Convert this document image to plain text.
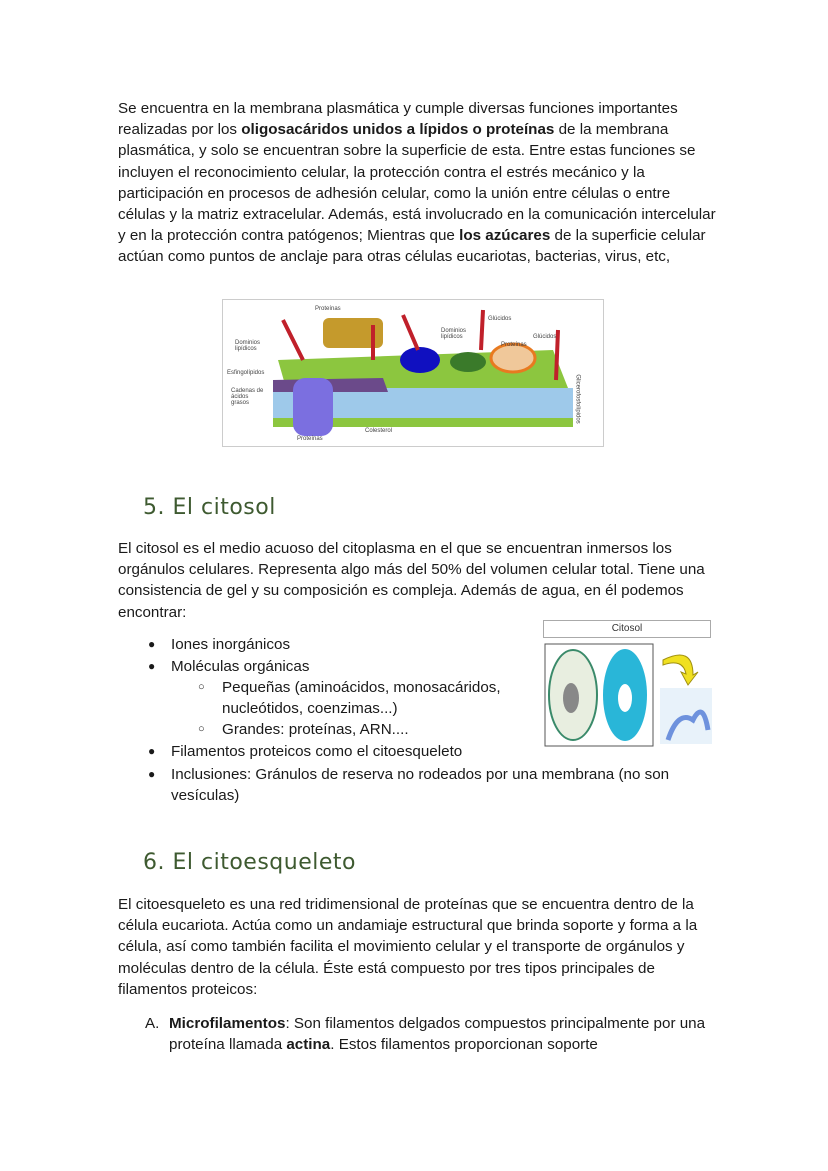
Se encuentra en la membrana plasmática y cumple diversas funciones importantes realizadas por los oligosacáridos unidos a lípidos o proteínas de la membrana plasmática, y solo se encuentran sobre la superficie de esta. Entre estas funciones se incluyen el reconocimiento celular, la protección contra el estrés mecánico y la participación en procesos de adhesión celular, como la unión entre células o entre células y la matriz extracelular. Además, está involucrado en la comunicación intercelular y en la protección contra patógenos; Mientras que los azúcares de la superficie celular actúan como puntos de anclaje para otras células eucariotas, bacterias, virus, etc,
Proteínas
Dominios lipídicos
Esfingolípidos
Cadenas de ácidos grasos
Proteínas
Colesterol
Dominios lipídicos
Glúcidos
Proteínas
Glúcidos
Glicerofosfolípidos
5. El citosol
El citosol es el medio acuoso del citoplasma en el que se encuentran inmersos los orgánulos celulares. Representa algo más del 50% del volumen celular total. Tiene una consistencia de gel y su composición es compleja. Además de agua, en él podemos encontrar:
● Iones inorgánicos
● Moléculas orgánicas
○ Pequeñas (aminoácidos, monosacáridos, nucleótidos, coenzimas...)
○ Grandes: proteínas, ARN....
● Filamentos proteicos como el citoesqueleto
● Inclusiones: Gránulos de reserva no rodeados por una membrana (no son vesículas)
Citosol
6. El citoesqueleto
El citoesqueleto es una red tridimensional de proteínas que se encuentra dentro de la célula eucariota. Actúa como un andamiaje estructural que brinda soporte y forma a la célula, así como también facilita el movimiento celular y el transporte de orgánulos y moléculas dentro de la célula. Éste está compuesto por tres tipos principales de filamentos proteicos:
A. Microfilamentos: Son filamentos delgados compuestos principalmente por una proteína llamada actina. Estos filamentos proporcionan soporte
